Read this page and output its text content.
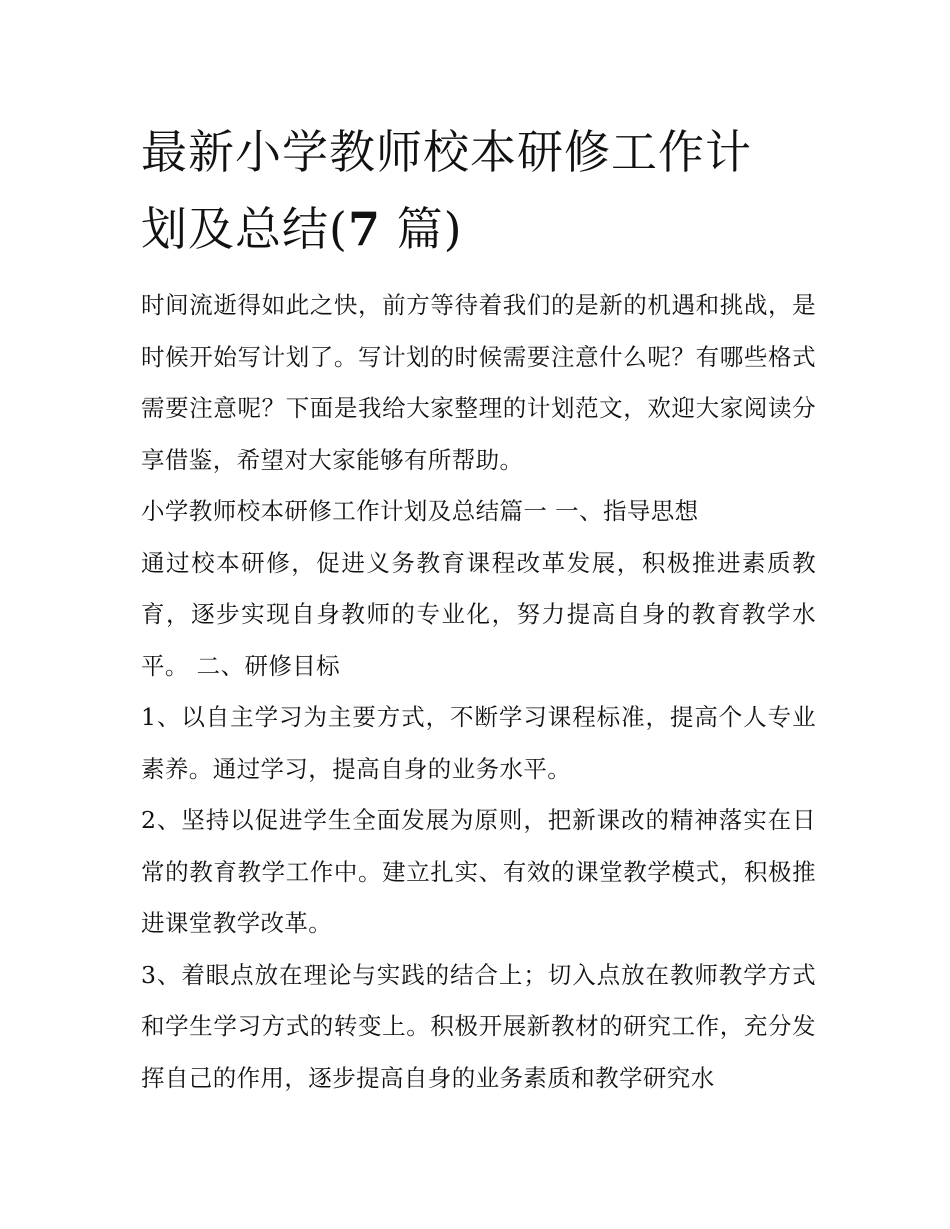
最新小学教师校本研修工作计
划及总结(7 篇)

时间流逝得如此之快，前方等待着我们的是新的机遇和挑战，是时候开始写计划了。写计划的时候需要注意什么呢？有哪些格式需要注意呢？下面是我给大家整理的计划范文，欢迎大家阅读分享借鉴，希望对大家能够有所帮助。

小学教师校本研修工作计划及总结篇一 一、指导思想

通过校本研修，促进义务教育课程改革发展，积极推进素质教育，逐步实现自身教师的专业化，努力提高自身的教育教学水平。 二、研修目标

1、以自主学习为主要方式，不断学习课程标准，提高个人专业素养。通过学习，提高自身的业务水平。

2、坚持以促进学生全面发展为原则，把新课改的精神落实在日常的教育教学工作中。建立扎实、有效的课堂教学模式，积极推进课堂教学改革。

3、着眼点放在理论与实践的结合上；切入点放在教师教学方式和学生学习方式的转变上。积极开展新教材的研究工作，充分发挥自己的作用，逐步提高自身的业务素质和教学研究水
